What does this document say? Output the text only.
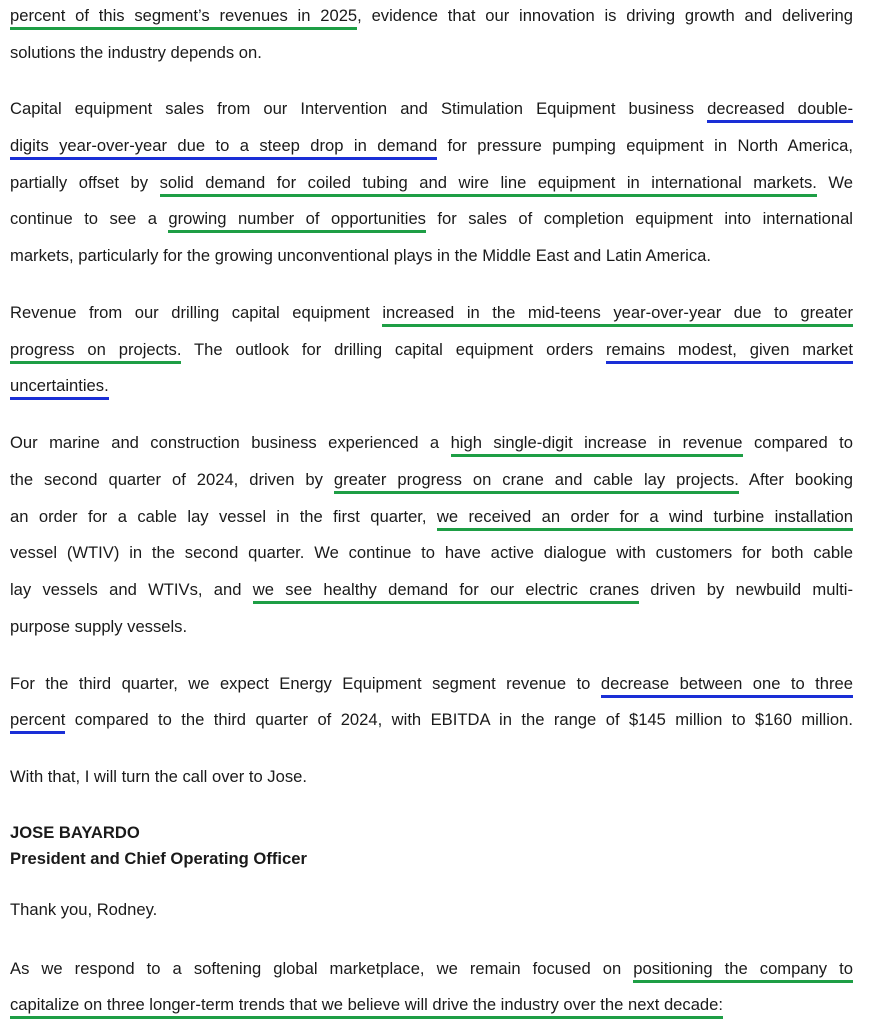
percent of this segment’s revenues in 2025, evidence that our innovation is driving growth and delivering
solutions the industry depends on.
Capital equipment sales from our Intervention and Stimulation Equipment business decreased double-
digits year-over-year due to a steep drop in demand for pressure pumping equipment in North America,
partially offset by solid demand for coiled tubing and wire line equipment in international markets. We
continue to see a growing number of opportunities for sales of completion equipment into international
markets, particularly for the growing unconventional plays in the Middle East and Latin America.
Revenue from our drilling capital equipment increased in the mid-teens year-over-year due to greater
progress on projects. The outlook for drilling capital equipment orders remains modest, given market
uncertainties.
Our marine and construction business experienced a high single-digit increase in revenue compared to
the second quarter of 2024, driven by greater progress on crane and cable lay projects. After booking
an order for a cable lay vessel in the first quarter, we received an order for a wind turbine installation
vessel (WTIV) in the second quarter. We continue to have active dialogue with customers for both cable
lay vessels and WTIVs, and we see healthy demand for our electric cranes driven by newbuild multi-
purpose supply vessels.
For the third quarter, we expect Energy Equipment segment revenue to decrease between one to three
percent compared to the third quarter of 2024, with EBITDA in the range of $145 million to $160 million.
With that, I will turn the call over to Jose.
JOSE BAYARDO
President and Chief Operating Officer
Thank you, Rodney.
As we respond to a softening global marketplace, we remain focused on positioning the company to
capitalize on three longer-term trends that we believe will drive the industry over the next decade:
